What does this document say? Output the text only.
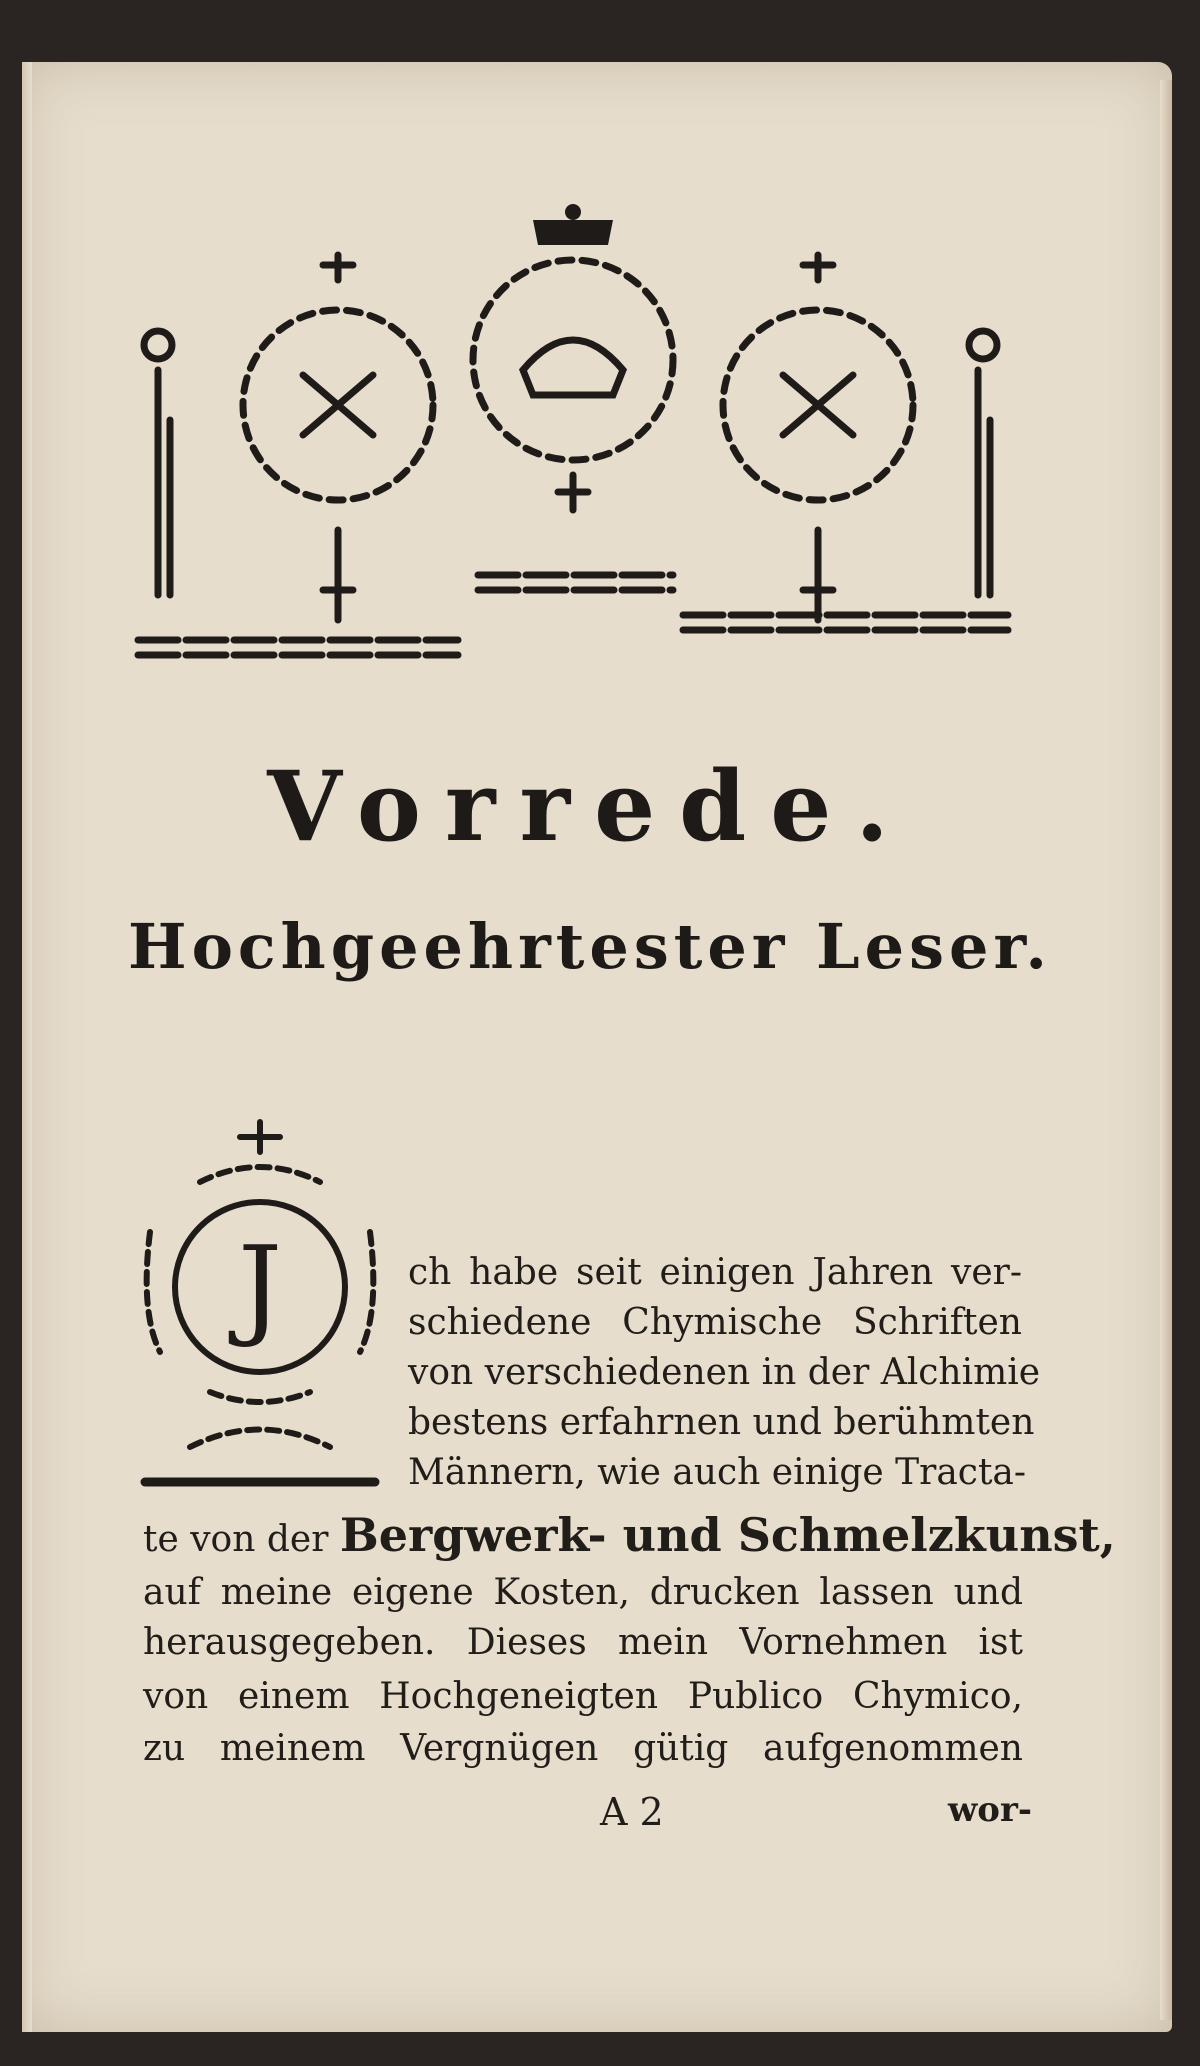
Vorrede.
Hochgeehrtester Leser.
J	ch habe seit einigen Jahren ver-
schiedene Chymische Schriften
von verschiedenen in der Alchimie
bestens erfahrnen und berühmten
Männern, wie auch einige Tracta-
te von der Bergwerk- und Schmelzkunst,
auf meine eigene Kosten, drucken lassen und
herausgegeben. Dieses mein Vornehmen ist
von einem Hochgeneigten Publico Chymico,
zu meinem Vergnügen gütig aufgenommen
A 2	wor-
